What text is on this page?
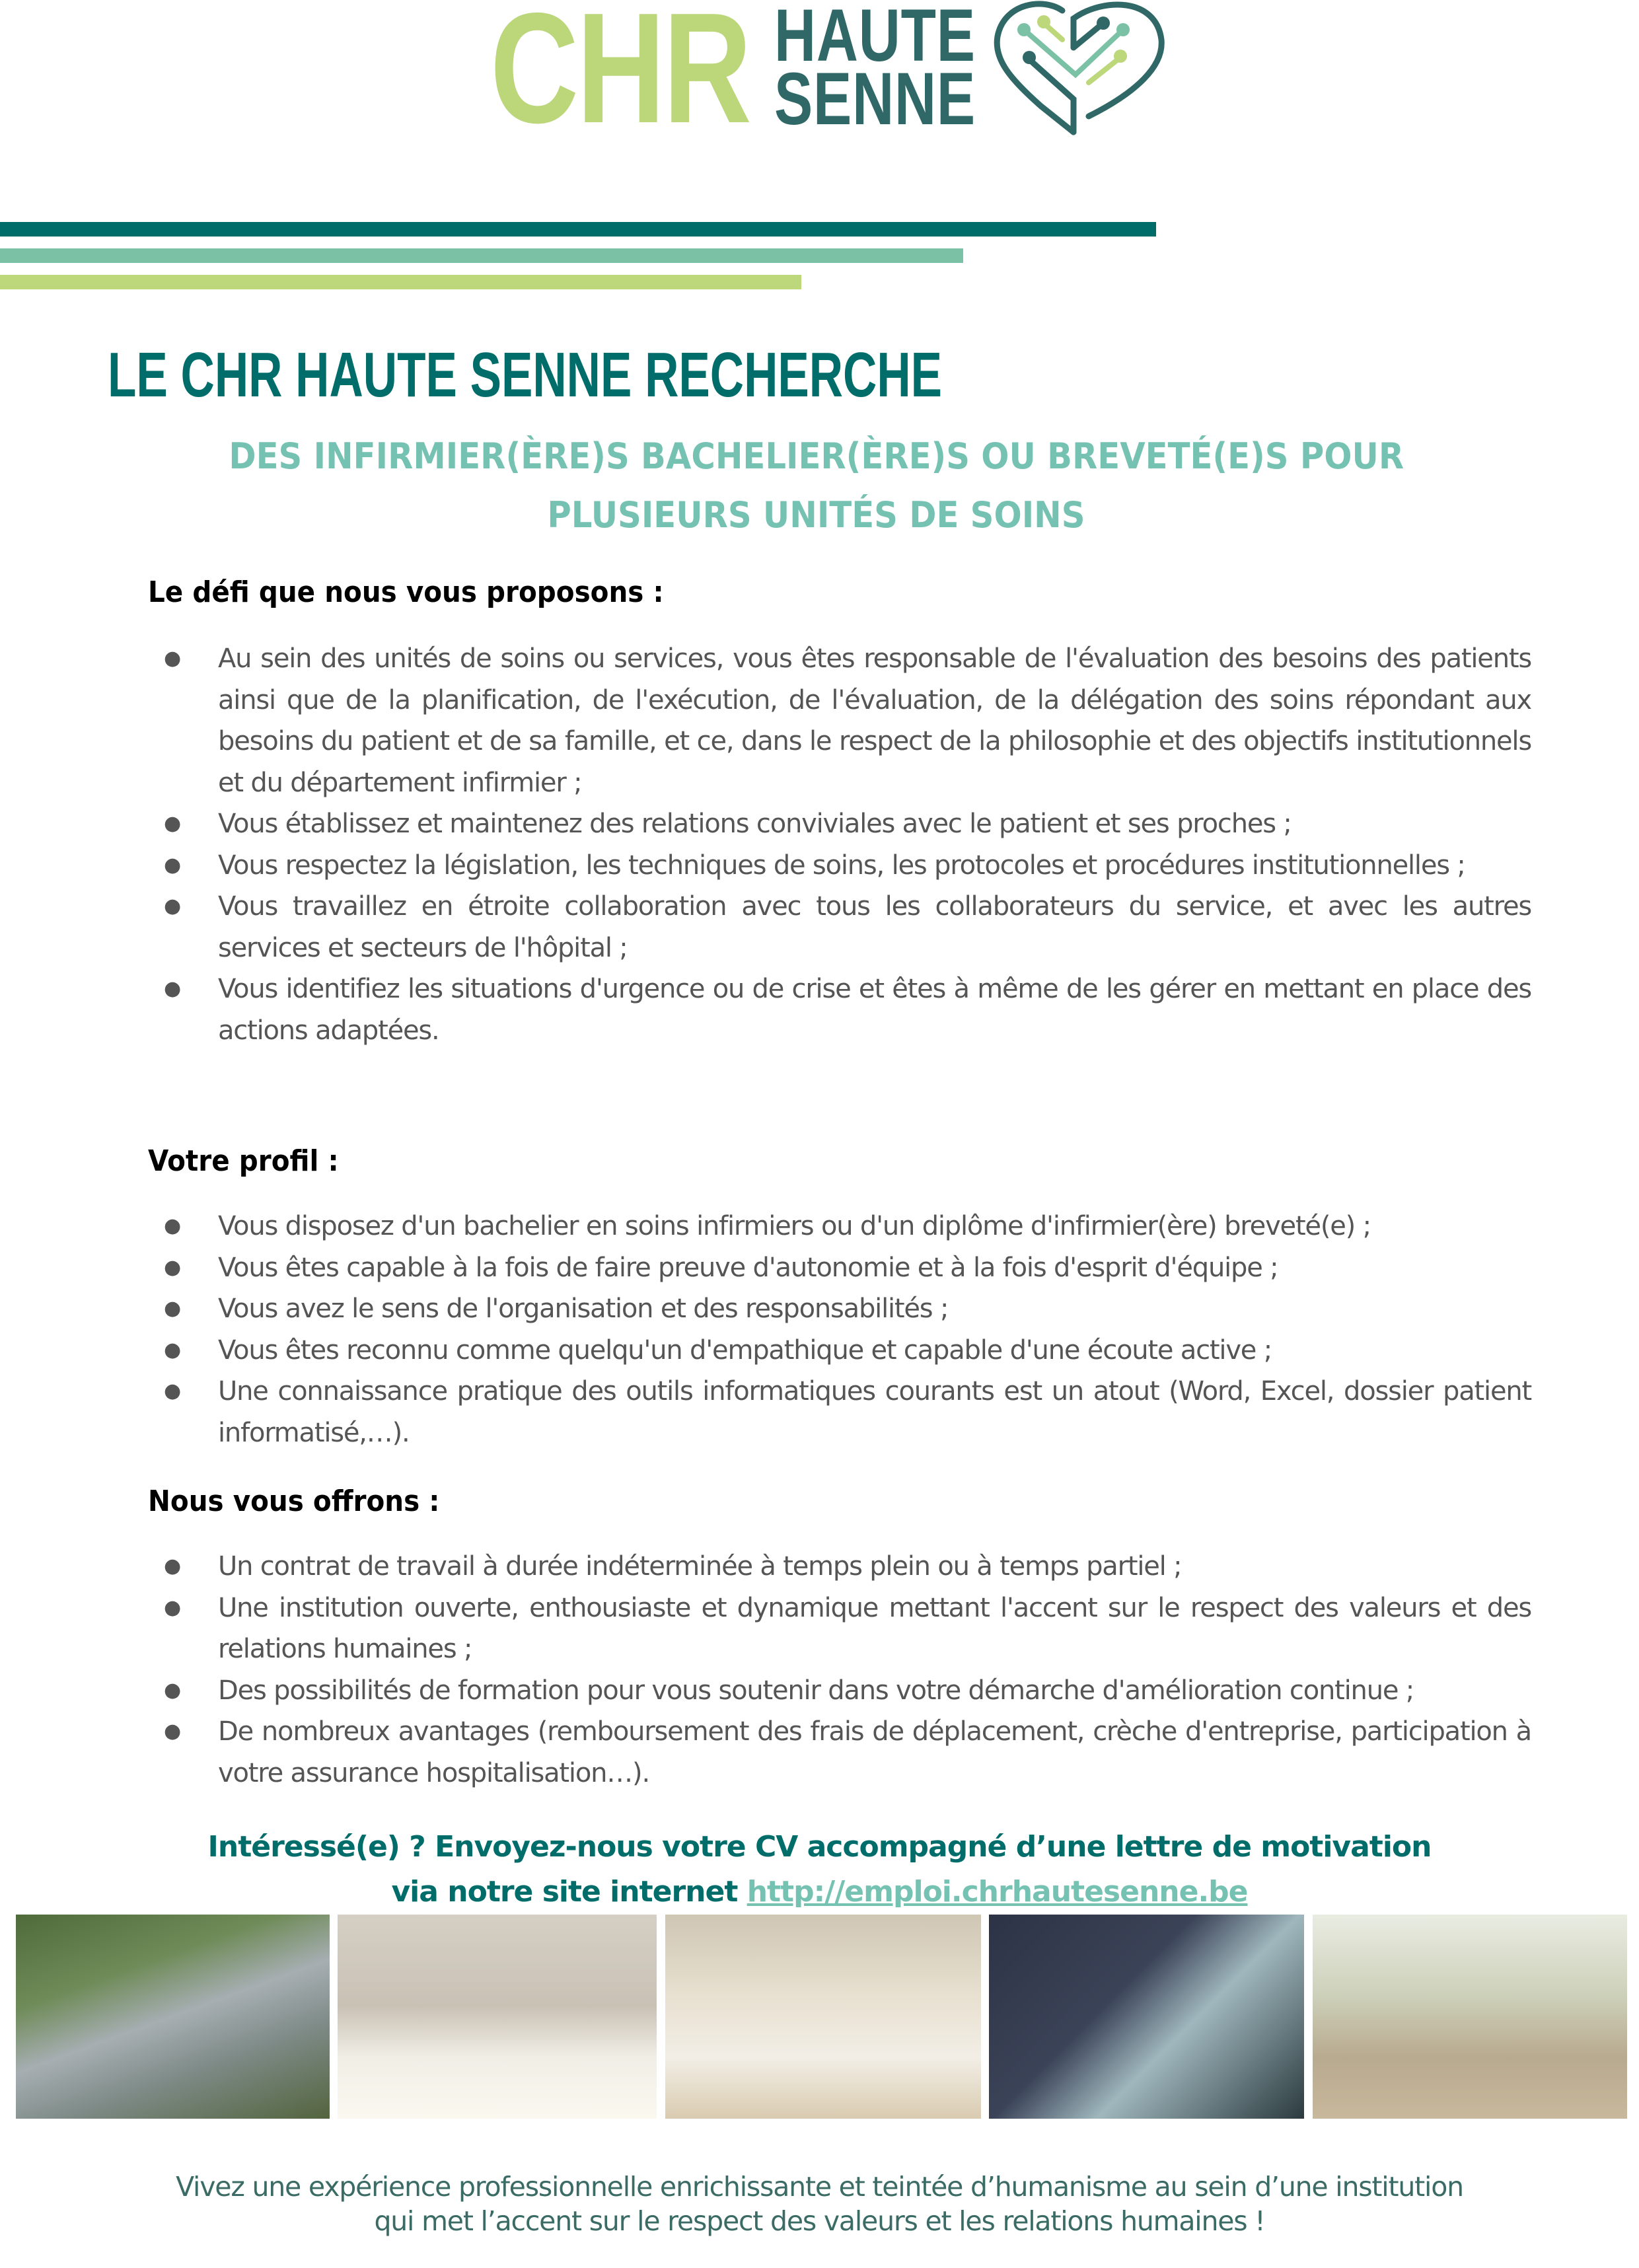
CHR HAUTE
SENNE
LE CHR HAUTE SENNE RECHERCHE
DES INFIRMIER(ÈRE)S BACHELIER(ÈRE)S OU BREVETÉ(E)S POUR
PLUSIEURS UNITÉS DE SOINS
Le défi que nous vous proposons :
● Au sein des unités de soins ou services, vous êtes responsable de l'évaluation des besoins des patients ainsi que de la planification, de l'exécution, de l'évaluation, de la délégation des soins répondant aux besoins du patient et de sa famille, et ce, dans le respect de la philosophie et des objectifs institutionnels et du département infirmier ;
● Vous établissez et maintenez des relations conviviales avec le patient et ses proches ;
● Vous respectez la législation, les techniques de soins, les protocoles et procédures institutionnelles ;
● Vous travaillez en étroite collaboration avec tous les collaborateurs du service, et avec les autres services et secteurs de l'hôpital ;
● Vous identifiez les situations d'urgence ou de crise et êtes à même de les gérer en mettant en place des actions adaptées.
Votre profil :
● Vous disposez d'un bachelier en soins infirmiers ou d'un diplôme d'infirmier(ère) breveté(e) ;
● Vous êtes capable à la fois de faire preuve d'autonomie et à la fois d'esprit d'équipe ;
● Vous avez le sens de l'organisation et des responsabilités ;
● Vous êtes reconnu comme quelqu'un d'empathique et capable d'une écoute active ;
● Une connaissance pratique des outils informatiques courants est un atout (Word, Excel, dossier patient informatisé,…).
Nous vous offrons :
● Un contrat de travail à durée indéterminée à temps plein ou à temps partiel ;
● Une institution ouverte, enthousiaste et dynamique mettant l'accent sur le respect des valeurs et des relations humaines ;
● Des possibilités de formation pour vous soutenir dans votre démarche d'amélioration continue ;
● De nombreux avantages (remboursement des frais de déplacement, crèche d'entreprise, participation à votre assurance hospitalisation…).
Intéressé(e) ? Envoyez-nous votre CV accompagné d’une lettre de motivation
via notre site internet http://emploi.chrhautesenne.be
Vivez une expérience professionnelle enrichissante et teintée d’humanisme au sein d’une institution
qui met l’accent sur le respect des valeurs et les relations humaines !
